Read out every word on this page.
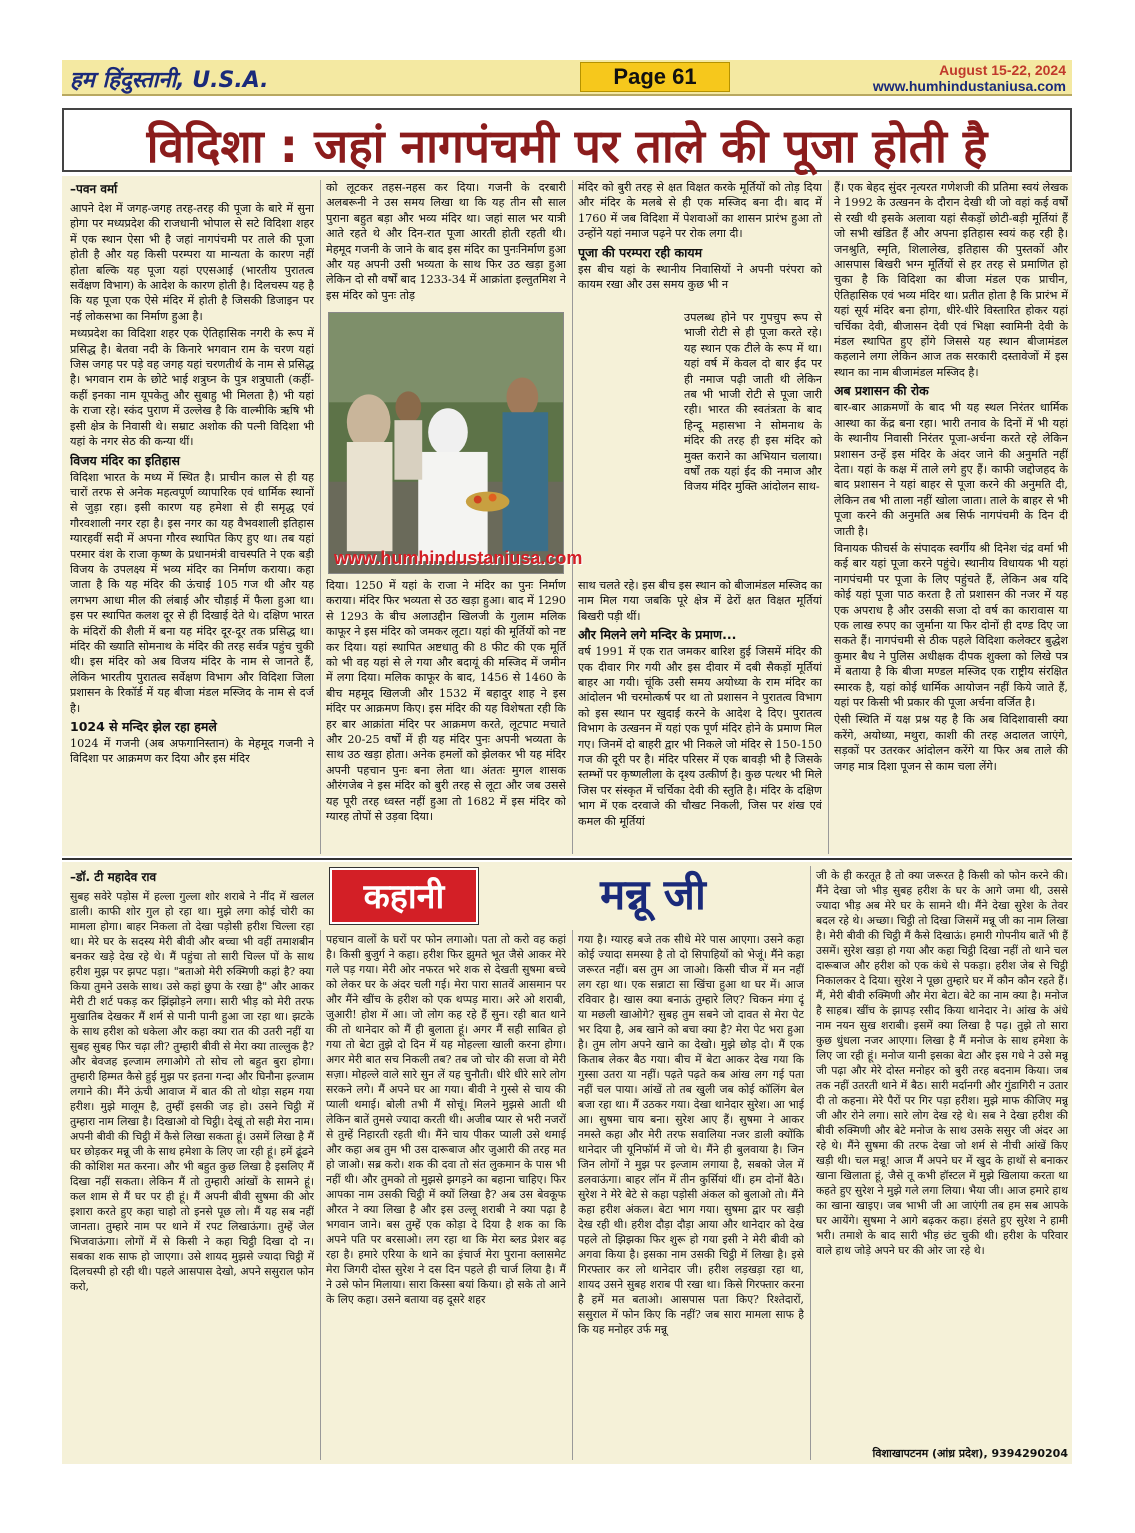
हम हिंदुस्तानी, U.S.A.	Page 61	August 15-22, 2024
www.humhindustaniusa.com
विदिशा : जहां नागपंचमी पर ताले की पूजा होती है
–पवन वर्मा

आपने देश में जगह-जगह तरह-तरह की पूजा के बारे में सुना होगा पर मध्यप्रदेश की राजधानी भोपाल से सटे विदिशा शहर में एक स्थान ऐसा भी है जहां नागपंचमी पर ताले की पूजा होती है और यह किसी परम्परा या मान्यता के कारण नहीं होता बल्कि यह पूजा यहां एएसआई (भारतीय पुरातत्व सर्वेक्षण विभाग) के आदेश के कारण होती है। दिलचस्प यह है कि यह पूजा एक ऐसे मंदिर में होती है जिसकी डिजाइन पर नई लोकसभा का निर्माण हुआ है।

मध्यप्रदेश का विदिशा शहर एक ऐतिहासिक नगरी के रूप में प्रसिद्ध है। बेतवा नदी के किनारे भगवान राम के चरण यहां जिस जगह पर पड़े वह जगह यहां चरणतीर्थ के नाम से प्रसिद्ध है। भगवान राम के छोटे भाई शत्रुघ्न के पुत्र शत्रुघाती (कहीं-कहीं इनका नाम यूपकेतु और सुबाहु भी मिलता है) भी यहां के राजा रहे। स्कंद पुराण में उल्लेख है कि वाल्मीकि ऋषि भी इसी क्षेत्र के निवासी थे। सम्राट अशोक की पत्नी विदिशा भी यहां के नगर सेठ की कन्या थीं।

विजय मंदिर का इतिहास

विदिशा भारत के मध्य में स्थित है। प्राचीन काल से ही यह चारों तरफ से अनेक महत्वपूर्ण व्यापारिक एवं धार्मिक स्थानों से जुड़ा रहा। इसी कारण यह हमेशा से ही समृद्ध एवं गौरवशाली नगर रहा है। इस नगर का यह वैभवशाली इतिहास ग्यारहवीं सदी में अपना गौरव स्थापित किए हुए था। तब यहां परमार वंश के राजा कृष्ण के प्रधानमंत्री वाचस्पति ने एक बड़ी विजय के उपलक्ष्य में भव्य मंदिर का निर्माण कराया। कहा जाता है कि यह मंदिर की ऊंचाई 105 गज थी और यह लगभग आधा मील की लंबाई और चौड़ाई में फैला हुआ था। इस पर स्थापित कलश दूर से ही दिखाई देते थे। दक्षिण भारत के मंदिरों की शैली में बना यह मंदिर दूर-दूर तक प्रसिद्ध था। मंदिर की ख्याति सोमनाथ के मंदिर की तरह सर्वत्र पहुंच चुकी थी। इस मंदिर को अब विजय मंदिर के नाम से जानते हैं, लेकिन भारतीय पुरातत्व सर्वेक्षण विभाग और विदिशा जिला प्रशासन के रिकॉर्ड में यह बीजा मंडल मस्जिद के नाम से दर्ज है।

1024 से मन्दिर झेल रहा हमले

1024 में गजनी (अब अफगानिस्तान) के मेहमूद गजनी ने विदिशा पर आक्रमण कर दिया और इस मंदिर

को लूटकर तहस-नहस कर दिया। गजनी के दरबारी अलबरूनी ने उस समय लिखा था कि यह तीन सौ साल पुराना बहुत बड़ा और भव्य मंदिर था। जहां साल भर यात्री आते रहते थे और दिन-रात पूजा आरती होती रहती थी। मेहमूद गजनी के जाने के बाद इस मंदिर का पुनःनिर्माण हुआ और यह अपनी उसी भव्यता के साथ फिर उठ खड़ा हुआ लेकिन दो सौ वर्षों बाद 1233-34 में आक्रांता इल्तुतमिश ने इस मंदिर को पुनः तोड़

www.humhindustaniusa.com

दिया। 1250 में यहां के राजा ने मंदिर का पुनः निर्माण कराया। मंदिर फिर भव्यता से उठ खड़ा हुआ। बाद में 1290 से 1293 के बीच अलाउद्दीन खिलजी के गुलाम मलिक काफूर ने इस मंदिर को जमकर लूटा। यहां की मूर्तियों को नष्ट कर दिया। यहां स्थापित अष्टधातु की 8 फीट की एक मूर्ति को भी वह यहां से ले गया और बदायूं की मस्जिद में जमीन में लगा दिया। मलिक काफूर के बाद, 1456 से 1460 के बीच महमूद खिलजी और 1532 में बहादुर शाह ने इस मंदिर पर आक्रमण किए। इस मंदिर की यह विशेषता रही कि हर बार आक्रांता मंदिर पर आक्रमण करते, लूटपाट मचाते और 20-25 वर्षों में ही यह मंदिर पुनः अपनी भव्यता के साथ उठ खड़ा होता। अनेक हमलों को झेलकर भी यह मंदिर अपनी पहचान पुनः बना लेता था। अंततः मुगल शासक औरंगजेब ने इस मंदिर को बुरी तरह से लूटा और जब उससे यह पूरी तरह ध्वस्त नहीं हुआ तो 1682 में इस मंदिर को ग्यारह तोपों से उड़वा दिया।

मंदिर को बुरी तरह से क्षत विक्षत करके मूर्तियों को तोड़ दिया और मंदिर के मलबे से ही एक मस्जिद बना दी। बाद में 1760 में जब विदिशा में पेशवाओं का शासन प्रारंभ हुआ तो उन्होंने यहां नमाज पढ़ने पर रोक लगा दी।

पूजा की परम्परा रही कायम

इस बीच यहां के स्थानीय निवासियों ने अपनी परंपरा को कायम रखा और उस समय कुछ भी न

उपलब्ध होने पर गुपचुप रूप से भाजी रोटी से ही पूजा करते रहे। यह स्थान एक टीले के रूप में था। यहां वर्ष में केवल दो बार ईद पर ही नमाज पढ़ी जाती थी लेकिन तब भी भाजी रोटी से पूजा जारी रही। भारत की स्वतंत्रता के बाद हिन्दू महासभा ने सोमनाथ के मंदिर की तरह ही इस मंदिर को मुक्त कराने का अभियान चलाया। वर्षों तक यहां ईद की नमाज और विजय मंदिर मुक्ति आंदोलन साथ-

साथ चलते रहे। इस बीच इस स्थान को बीजामंडल मस्जिद का नाम मिल गया जबकि पूरे क्षेत्र में ढेरों क्षत विक्षत मूर्तियां बिखरी पड़ी थीं।

और मिलने लगे मन्दिर के प्रमाण...

वर्ष 1991 में एक रात जमकर बारिश हुई जिसमें मंदिर की एक दीवार गिर गयी और इस दीवार में दबी सैकड़ों मूर्तियां बाहर आ गयी। चूंकि उसी समय अयोध्या के राम मंदिर का आंदोलन भी चरमोत्कर्ष पर था तो प्रशासन ने पुरातत्व विभाग को इस स्थान पर खुदाई करने के आदेश दे दिए। पुरातत्व विभाग के उत्खनन में यहां एक पूर्ण मंदिर होने के प्रमाण मिल गए। जिनमें दो बाहरी द्वार भी निकले जो मंदिर से 150-150 गज की दूरी पर है। मंदिर परिसर में एक बावड़ी भी है जिसके स्तम्भों पर कृष्णलीला के दृश्य उत्कीर्ण है। कुछ पत्थर भी मिले जिस पर संस्कृत में चर्चिका देवी की स्तुति है। मंदिर के दक्षिण भाग में एक दरवाजे की चौखट निकली, जिस पर शंख एवं कमल की मूर्तियां

हैं। एक बेहद सुंदर नृत्यरत गणेशजी की प्रतिमा स्वयं लेखक ने 1992 के उत्खनन के दौरान देखी थी जो वहां कई वर्षों से रखी थी इसके अलावा यहां सैकड़ों छोटी-बड़ी मूर्तियां हैं जो सभी खंडित हैं और अपना इतिहास स्वयं कह रही है। जनश्रुति, स्मृति, शिलालेख, इतिहास की पुस्तकों और आसपास बिखरी भग्न मूर्तियों से हर तरह से प्रमाणित हो चुका है कि विदिशा का बीजा मंडल एक प्राचीन, ऐतिहासिक एवं भव्य मंदिर था। प्रतीत होता है कि प्रारंभ में यहां सूर्य मंदिर बना होगा, धीरे-धीरे विस्तारित होकर यहां चर्चिका देवी, बीजासन देवी एवं भिक्षा स्वामिनी देवी के मंडल स्थापित हुए होंगे जिससे यह स्थान बीजामंडल कहलाने लगा लेकिन आज तक सरकारी दस्तावेजों में इस स्थान का नाम बीजामंडल मस्जिद है।

अब प्रशासन की रोक

बार-बार आक्रमणों के बाद भी यह स्थल निरंतर धार्मिक आस्था का केंद्र बना रहा। भारी तनाव के दिनों में भी यहां के स्थानीय निवासी निरंतर पूजा-अर्चना करते रहे लेकिन प्रशासन उन्हें इस मंदिर के अंदर जाने की अनुमति नहीं देता। यहां के कक्ष में ताले लगे हुए हैं। काफी जद्दोजहद के बाद प्रशासन ने यहां बाहर से पूजा करने की अनुमति दी, लेकिन तब भी ताला नहीं खोला जाता। ताले के बाहर से भी पूजा करने की अनुमति अब सिर्फ नागपंचमी के दिन दी जाती है।

विनायक फीचर्स के संपादक स्वर्गीय श्री दिनेश चंद्र वर्मा भी कई बार यहां पूजा करने पहुंचे। स्थानीय विधायक भी यहां नागपंचमी पर पूजा के लिए पहुंचते हैं, लेकिन अब यदि कोई यहां पूजा पाठ करता है तो प्रशासन की नजर में यह एक अपराध है और उसकी सजा दो वर्ष का कारावास या एक लाख रुपए का जुर्माना या फिर दोनों ही दण्ड दिए जा सकते हैं। नागपंचमी से ठीक पहले विदिशा कलेक्टर बुद्धेश कुमार बैध ने पुलिस अधीक्षक दीपक शुक्ला को लिखे पत्र में बताया है कि बीजा मण्डल मस्जिद एक राष्ट्रीय संरक्षित स्मारक है, यहां कोई धार्मिक आयोजन नहीं किये जाते हैं, यहां पर किसी भी प्रकार की पूजा अर्चना वर्जित है।

ऐसी स्थिति में यक्ष प्रश्न यह है कि अब विदिशावासी क्या करेंगे, अयोध्या, मथुरा, काशी की तरह अदालत जाएंगे, सड़कों पर उतरकर आंदोलन करेंगे या फिर अब ताले की जगह मात्र दिशा पूजन से काम चला लेंगे।

कहानी	मन्नू जी
–डॉ. टी महादेव राव

सुबह सवेरे पड़ोस में हल्ला गुल्ला शोर शराबे ने नींद में खलल डाली। काफी शोर गुल हो रहा था। मुझे लगा कोई चोरी का मामला होगा। बाहर निकला तो देखा पड़ोसी हरीश चिल्ला रहा था। मेरे घर के सदस्य मेरी बीवी और बच्चा भी वहीं तमाशबीन बनकर खड़े देख रहे थे। मैं पहुंचा तो सारी चिल्ल पों के साथ हरीश मुझ पर झपट पड़ा। "बताओ मेरी रुक्मिणी कहां है? क्या किया तुमने उसके साथ। उसे कहां छुपा के रखा है" और आकर मेरी टी शर्ट पकड़ कर झिंझोड़ने लगा। सारी भीड़ को मेरी तरफ मुखातिब देखकर मैं शर्म से पानी पानी हुआ जा रहा था। झटके के साथ हरीश को धकेला और कहा क्या रात की उतरी नहीं या सुबह सुबह फिर चढ़ा ली? तुम्हारी बीवी से मेरा क्या ताल्लुक है? और बेवजह इल्जाम लगाओगे तो सोच लो बहुत बुरा होगा। तुम्हारी हिम्मत कैसे हुई मुझ पर इतना गन्दा और घिनौना इल्जाम लगाने की। मैंने ऊंची आवाज में बात की तो थोड़ा सहम गया हरीश। मुझे मालूम है, तुम्हीं इसकी जड़ हो। उसने चिट्ठी में तुम्हारा नाम लिखा है। दिखाओ वो चिट्ठी। देखूं तो सही मेरा नाम। अपनी बीवी की चिट्ठी में कैसे लिखा सकता हूं। उसमें लिखा है मैं घर छोड़कर मन्नू जी के साथ हमेशा के लिए जा रही हूं। हमें ढूंढने की कोशिश मत करना। और भी बहुत कुछ लिखा है इसलिए मैं दिखा नहीं सकता। लेकिन मैं तो तुम्हारी आंखों के सामने हूं। कल शाम से मैं घर पर ही हूं। मैं अपनी बीवी सुषमा की ओर इशारा करते हुए कहा चाहो तो इनसे पूछ लो। मैं यह सब नहीं जानता। तुम्हारे नाम पर थाने में रपट लिखाऊंगा। तुम्हें जेल भिजवाऊंगा। लोगों में से किसी ने कहा चिट्ठी दिखा दो न। सबका शक साफ हो जाएगा। उसे शायद मुझसे ज्यादा चिट्ठी में दिलचस्पी हो रही थी। पहले आसपास देखो, अपने ससुराल फोन करो,

पहचान वालों के घरों पर फोन लगाओ। पता तो करो वह कहां है। किसी बुजुर्ग ने कहा। हरीश फिर झुमते भूत जैसे आकर मेरे गले पड़ गया। मेरी ओर नफरत भरे शक से देखती सुषमा बच्चे को लेकर घर के अंदर चली गई। मेरा पारा सातवें आसमान पर और मैंने खींच के हरीश को एक थप्पड़ मारा। अरे ओ शराबी, जुआरी! होश में आ। जो लोग कह रहे हैं सुन। रही बात थाने की तो थानेदार को मैं ही बुलाता हूं। अगर मैं सही साबित हो गया तो बेटा तुझे दो दिन में यह मोहल्ला खाली करना होगा। अगर मेरी बात सच निकली तब? तब जो चोर की सजा वो मेरी सज़ा। मोहल्ले वाले सारे सुन लें यह चुनौती। धीरे धीरे सारे लोग सरकने लगे। मैं अपने घर आ गया। बीवी ने गुस्से से चाय की प्याली थमाई। बोली तभी मैं सोचूं। मिलने मुझसे आती थी लेकिन बातें तुमसे ज्यादा करती थी। अजीब प्यार से भरी नजरों से तुम्हें निहारती रहती थी। मैंने चाय पीकर प्याली उसे थमाई और कहा अब तुम भी उस दारूबाज और जुआरी की तरह मत हो जाओ। सब्र करो। शक की दवा तो संत लुकमान के पास भी नहीं थी। और तुमको तो मुझसे झगड़ने का बहाना चाहिए। फिर आपका नाम उसकी चिट्ठी में क्यों लिखा है? अब उस बेवकूफ औरत ने क्या लिखा है और इस उल्लू शराबी ने क्या पढ़ा है भगवान जाने। बस तुम्हें एक कोड़ा दे दिया है शक का कि अपने पति पर बरसाओ। लग रहा था कि मेरा ब्लड प्रेशर बढ़ रहा है। हमारे एरिया के थाने का इंचार्ज मेरा पुराना क्लासमेट मेरा जिगरी दोस्त सुरेश ने दस दिन पहले ही चार्ज लिया है। मैं ने उसे फोन मिलाया। सारा किस्सा बयां किया। हो सके तो आने के लिए कहा। उसने बताया वह दूसरे शहर

गया है। ग्यारह बजे तक सीधे मेरे पास आएगा। उसने कहा कोई ज्यादा समस्या है तो दो सिपाहियों को भेजूं। मैंने कहा जरूरत नहीं। बस तुम आ जाओ। किसी चीज में मन नहीं लग रहा था। एक सन्नाटा सा खिंचा हुआ था घर में। आज रविवार है। खास क्या बनाऊं तुम्हारे लिए? चिकन मंगा दूं या मछली खाओगे? सुबह तुम सबने जो दावत से मेरा पेट भर दिया है, अब खाने को बचा क्या है? मेरा पेट भरा हुआ है। तुम लोग अपने खाने का देखो। मुझे छोड़ दो। मैं एक किताब लेकर बैठ गया। बीच में बेटा आकर देख गया कि गुस्सा उतरा या नहीं। पढ़ते पढ़ते कब आंख लग गई पता नहीं चल पाया। आंखें तो तब खुली जब कोई कॉलिंग बेल बजा रहा था। मैं उठकर गया। देखा थानेदार सुरेश। आ भाई आ। सुषमा चाय बना। सुरेश आए हैं। सुषमा ने आकर नमस्ते कहा और मेरी तरफ सवालिया नजर डाली क्योंकि थानेदार जी यूनिफॉर्म में जो थे। मैंने ही बुलवाया है। जिन जिन लोगों ने मुझ पर इल्जाम लगाया है, सबको जेल में डलवाऊंगा। बाहर लॉन में तीन कुर्सियां थीं। हम दोनों बैठे। सुरेश ने मेरे बेटे से कहा पड़ोसी अंकल को बुलाओ तो। मैंने कहा हरीश अंकल। बेटा भाग गया। सुषमा द्वार पर खड़ी देख रही थी। हरीश दौड़ा दौड़ा आया और थानेदार को देख पहले तो झिझका फिर शुरू हो गया इसी ने मेरी बीवी को अगवा किया है। इसका नाम उसकी चिट्ठी में लिखा है। इसे गिरफ्तार कर लो थानेदार जी। हरीश लड़खड़ा रहा था, शायद उसने सुबह शराब पी रखा था। किसे गिरफ्तार करना है हमें मत बताओ। आसपास पता किए? रिश्तेदारों, ससुराल में फोन किए कि नहीं? जब सारा मामला साफ है कि यह मनोहर उर्फ मन्नू

जी के ही करतूत है तो क्या जरूरत है किसी को फोन करने की। मैंने देखा जो भीड़ सुबह हरीश के घर के आगे जमा थी, उससे ज्यादा भीड़ अब मेरे घर के सामने थी। मैंने देखा सुरेश के तेवर बदल रहे थे। अच्छा। चिट्ठी तो दिखा जिसमें मन्नू जी का नाम लिखा है। मेरी बीवी की चिट्ठी मैं कैसे दिखाऊं। हमारी गोपनीय बातें भी हैं उसमें। सुरेश खड़ा हो गया और कहा चिट्ठी दिखा नहीं तो थाने चल दारूबाज और हरीश को एक कंधे से पकड़ा। हरीश जेब से चिट्ठी निकालकर दे दिया। सुरेश ने पूछा तुम्हारे घर में कौन कौन रहते हैं। मैं, मेरी बीवी रुक्मिणी और मेरा बेटा। बेटे का नाम क्या है। मनोज है साहब। खींच के झापड़ रसीद किया थानेदार ने। आंख के अंधे नाम नयन सुख शराबी। इसमें क्या लिखा है पढ़। तुझे तो सारा कुछ धुंधला नजर आएगा। लिखा है मैं मनोज के साथ हमेशा के लिए जा रही हूं। मनोज यानी इसका बेटा और इस गधे ने उसे मन्नू जी पढ़ा और मेरे दोस्त मनोहर को बुरी तरह बदनाम किया। जब तक नहीं उतरती थाने में बैठ। सारी मर्दानगी और गुंडागिरी न उतार दी तो कहना। मेरे पैरों पर गिर पड़ा हरीश। मुझे माफ कीजिए मन्नू जी और रोने लगा। सारे लोग देख रहे थे। सब ने देखा हरीश की बीवी रुक्मिणी और बेटे मनोज के साथ उसके ससुर जी अंदर आ रहे थे। मैंने सुषमा की तरफ देखा जो शर्म से नीची आंखें किए खड़ी थी। चल मन्नू! आज मैं अपने घर में खुद के हाथों से बनाकर खाना खिलाता हूं, जैसे तू कभी हॉस्टल में मुझे खिलाया करता था कहते हुए सुरेश ने मुझे गले लगा लिया। भैया जी। आज हमारे हाथ का खाना खाइए। जब भाभी जी आ जाएंगी तब हम सब आपके घर आयेंगे। सुषमा ने आगे बढ़कर कहा। हंसते हुए सुरेश ने हामी भरी। तमाशे के बाद सारी भीड़ छंट चुकी थी। हरीश के परिवार वाले हाथ जोड़े अपने घर की ओर जा रहे थे।

विशाखापटनम (आंध्र प्रदेश), 9394290204
